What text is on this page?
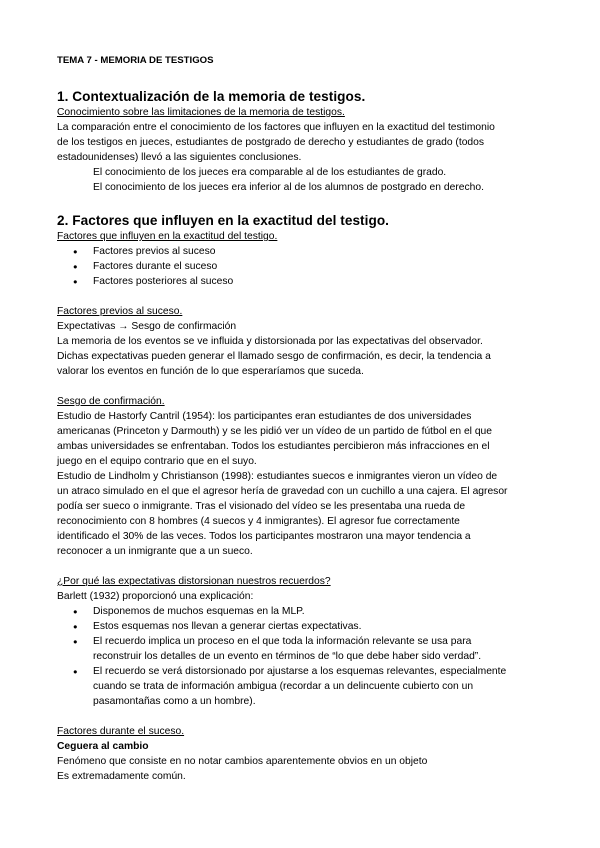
TEMA 7 - MEMORIA DE TESTIGOS

1. Contextualización de la memoria de testigos.

Conocimiento sobre las limitaciones de la memoria de testigos.

La comparación entre el conocimiento de los factores que influyen en la exactitud del testimonio

de los testigos en jueces, estudiantes de postgrado de derecho y estudiantes de grado (todos

estadounidenses) llevó a las siguientes conclusiones.

El conocimiento de los jueces era comparable al de los estudiantes de grado.

El conocimiento de los jueces era inferior al de los alumnos de postgrado en derecho.

2. Factores que influyen en la exactitud del testigo.

Factores que influyen en la exactitud del testigo.

● Factores previos al suceso
● Factores durante el suceso
● Factores posteriores al suceso

Factores previos al suceso.

Expectativas → Sesgo de confirmación

La memoria de los eventos se ve influida y distorsionada por las expectativas del observador.

Dichas expectativas pueden generar el llamado sesgo de confirmación, es decir, la tendencia a

valorar los eventos en función de lo que esperaríamos que suceda.

Sesgo de confirmación.

Estudio de Hastorfy Cantril (1954): los participantes eran estudiantes de dos universidades

americanas (Princeton y Darmouth) y se les pidió ver un vídeo de un partido de fútbol en el que

ambas universidades se enfrentaban. Todos los estudiantes percibieron más infracciones en el

juego en el equipo contrario que en el suyo.

Estudio de Lindholm y Christianson (1998): estudiantes suecos e inmigrantes vieron un vídeo de

un atraco simulado en el que el agresor hería de gravedad con un cuchillo a una cajera. El agresor

podía ser sueco o inmigrante. Tras el visionado del vídeo se les presentaba una rueda de

reconocimiento con 8 hombres (4 suecos y 4 inmigrantes). El agresor fue correctamente

identificado el 30% de las veces. Todos los participantes mostraron una mayor tendencia a

reconocer a un inmigrante que a un sueco.

¿Por qué las expectativas distorsionan nuestros recuerdos?

Barlett (1932) proporcionó una explicación:

● Disponemos de muchos esquemas en la MLP.
● Estos esquemas nos llevan a generar ciertas expectativas.
● El recuerdo implica un proceso en el que toda la información relevante se usa para
reconstruir los detalles de un evento en términos de “lo que debe haber sido verdad”.
● El recuerdo se verá distorsionado por ajustarse a los esquemas relevantes, especialmente
cuando se trata de información ambigua (recordar a un delincuente cubierto con un
pasamontañas como a un hombre).

Factores durante el suceso.

Ceguera al cambio

Fenómeno que consiste en no notar cambios aparentemente obvios en un objeto

Es extremadamente común.
